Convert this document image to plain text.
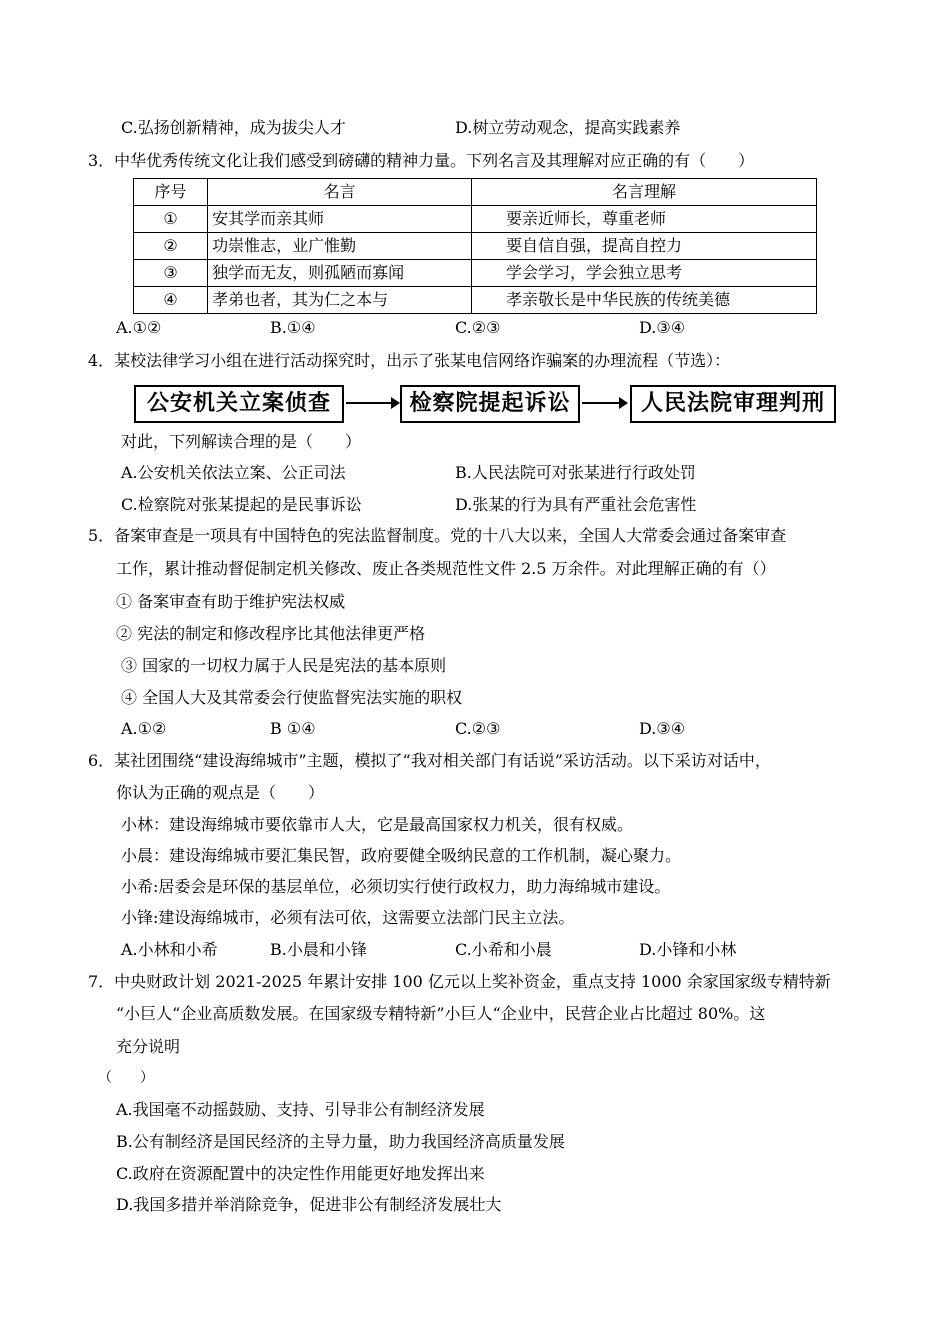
C.弘扬创新精神，成为拔尖人才	D.树立劳动观念，提高实践素养
3．中华优秀传统文化让我们感受到磅礴的精神力量。下列名言及其理解对应正确的有（　　）
序号	名言	名言理解
①	安其学而亲其师	要亲近师长，尊重老师
②	功崇惟志，业广惟勤	要自信自强，提高自控力
③	独学而无友，则孤陋而寡闻	学会学习，学会独立思考
④	孝弟也者，其为仁之本与	孝亲敬长是中华民族的传统美德
A.①②	B.①④	C.②③	D.③④
4．某校法律学习小组在进行活动探究时，出示了张某电信网络诈骗案的办理流程（节选）：
公安机关立案侦查	检察院提起诉讼	人民法院审理判刑
对此，下列解读合理的是（　　）
A.公安机关依法立案、公正司法	B.人民法院可对张某进行行政处罚
C.检察院对张某提起的是民事诉讼	D.张某的行为具有严重社会危害性
5．备案审查是一项具有中国特色的宪法监督制度。党的十八大以来，全国人大常委会通过备案审查
工作，累计推动督促制定机关修改、废止各类规范性文件 2.5 万余件。对此理解正确的有（）
① 备案审查有助于维护宪法权威
② 宪法的制定和修改程序比其他法律更严格
③ 国家的一切权力属于人民是宪法的基本原则
④ 全国人大及其常委会行使监督宪法实施的职权
A.①②	B ①④	C.②③	D.③④
6．某社团围绕“建设海绵城市”主题，模拟了“我对相关部门有话说”采访活动。以下采访对话中，
你认为正确的观点是（　　）
小林：建设海绵城市要依靠市人大，它是最高国家权力机关，很有权威。
小晨：建设海绵城市要汇集民智，政府要健全吸纳民意的工作机制，凝心聚力。
小希:居委会是环保的基层单位，必须切实行使行政权力，助力海绵城市建设。
小锋:建设海绵城市，必须有法可依，这需要立法部门民主立法。
A.小林和小希	B.小晨和小锋	C.小希和小晨	D.小锋和小林
7．中央财政计划 2021-2025 年累计安排 100 亿元以上奖补资金，重点支持 1000 余家国家级专精特新
“小巨人“企业高质数发展。在国家级专精特新”小巨人“企业中，民营企业占比超过 80%。这
充分说明
（　　）
A.我国毫不动摇鼓励、支持、引导非公有制经济发展
B.公有制经济是国民经济的主导力量，助力我国经济高质量发展
C.政府在资源配置中的决定性作用能更好地发挥出来
D.我国多措并举消除竞争，促进非公有制经济发展壮大
